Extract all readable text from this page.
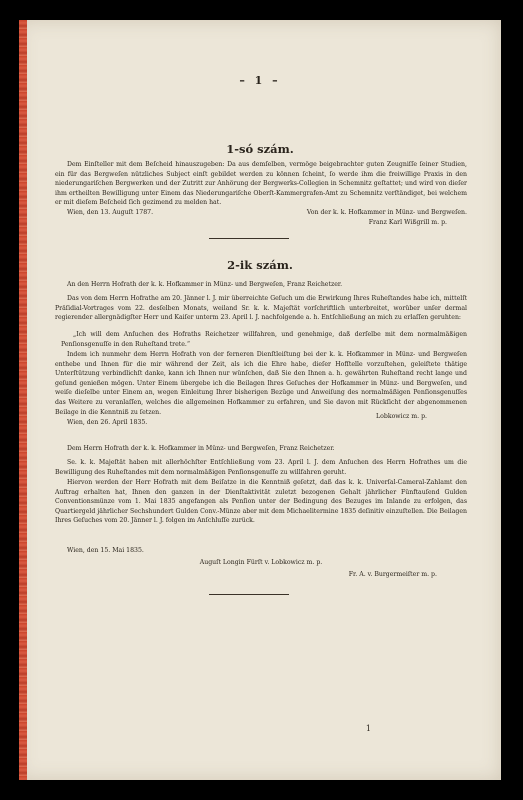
– 1 –
1-só szám.
Dem Einſteller mit dem Beſcheid hinauszugeben: Da aus demſelben, vermöge beigebrachter guten Zeugniſſe ſeiner Studien, ein für das Bergweſen nützliches Subject einſt gebildet werden zu können ſcheint, ſo werde ihm die freiwillige Praxis in den niederungariſchen Bergwerken und der Zutritt zur Anhörung der Bergwerks-Collegien in Schemnitz geſtattet; und wird von dieſer ihm ertheilten Bewilligung unter Einem das Niederungariſche Oberſt-Kammergrafen-Amt zu Schemnitz verſtändiget, bei welchem er mit dieſem Beſcheid ſich gezimend zu melden hat.
Wien, den 13. Auguſt 1787.	Von der k. k. Hofkammer in Münz- und Bergweſen.
Franz Karl Wißgrill m. p.
2-ik szám.
An den Herrn Hofrath der k. k. Hofkammer in Münz- und Bergweſen, Franz Reichetzer.
Das von dem Herrn Hofrathe am 20. Jänner l. J. mir überreichte Geſuch um die Erwirkung Ihres Ruheſtandes habe ich, mittelſt Präſidial-Vortrages vom 22. desſelben Monats, weiland Sr. k. k. Majeſtät vorſchriftlich unterbreitet, worüber unſer dermal regierender allergnädigſter Herr und Kaiſer unterm 23. April l. J. nachfolgende a. h. Entſchließung an mich zu erlaſſen geruhten:
„Ich will dem Anſuchen des Hofraths Reichetzer willfahren, und genehmige, daß derſelbe mit dem normalmäßigen Penſionsgenuſſe in den Ruheſtand trete.“
Indem ich nunmehr dem Herrn Hofrath von der ferneren Dienſtleiſtung bei der k. k. Hofkammer in Münz- und Bergweſen enthebe und Ihnen für die mir während der Zeit, als ich die Ehre habe, dieſer Hofſtelle vorzuſtehen, geleiſtete thätige Unterſtützung verbindlichſt danke, kann ich Ihnen nur wünſchen, daß Sie den Ihnen a. h. gewährten Ruheſtand recht lange und geſund genießen mögen. Unter Einem übergebe ich die Beilagen Ihres Geſuches der Hofkammer in Münz- und Bergweſen, und weiſe dieſelbe unter Einem an, wegen Einleitung Ihrer bisherigen Bezüge und Anweiſung des normalmäßigen Penſionsgenuſſes das Weitere zu veranlaſſen, welches die allgemeinen Hofkammer zu erfahren, und Sie davon mit Rückſicht der abgenommenen Beilage in die Kenntniß zu ſetzen.
Wien, den 26. April 1835.
Lobkowicz m. p.
Dem Herrn Hofrath der k. k. Hofkammer in Münz- und Bergweſen, Franz Reichetzer.
Se. k. k. Majeſtät haben mit allerhöchſter Entſchließung vom 23. April l. J. dem Anſuchen des Herrn Hofrathes um die Bewilligung des Ruheſtandes mit dem normalmäßigen Penſionsgenuſſe zu willfahren geruht.
Hiervon werden der Herr Hofrath mit dem Beiſatze in die Kenntniß geſetzt, daß das k. k. Univerſal-Cameral-Zahlamt den Auftrag erhalten hat, Ihnen den ganzen in der Dienſtaktivität zuletzt bezogenen Gehalt jährlicher Fünftauſend Gulden Conventionsmünze vom 1. Mai 1835 angefangen als Penſion unter der Bedingung des Bezuges im Inlande zu erfolgen, das Quartiergeld jährlicher Sechshundert Gulden Conv.-Münze aber mit dem Michaelitermine 1835 deſinitiv einzuſtellen. Die Beilagen Ihres Geſuches vom 20. Jänner l. J. folgen im Anſchluſſe zurück.
Wien, den 15. Mai 1835.
Auguſt Longin Fürſt v. Lobkowicz m. p.
Fr. A. v. Burgermeiſter m. p.
1
